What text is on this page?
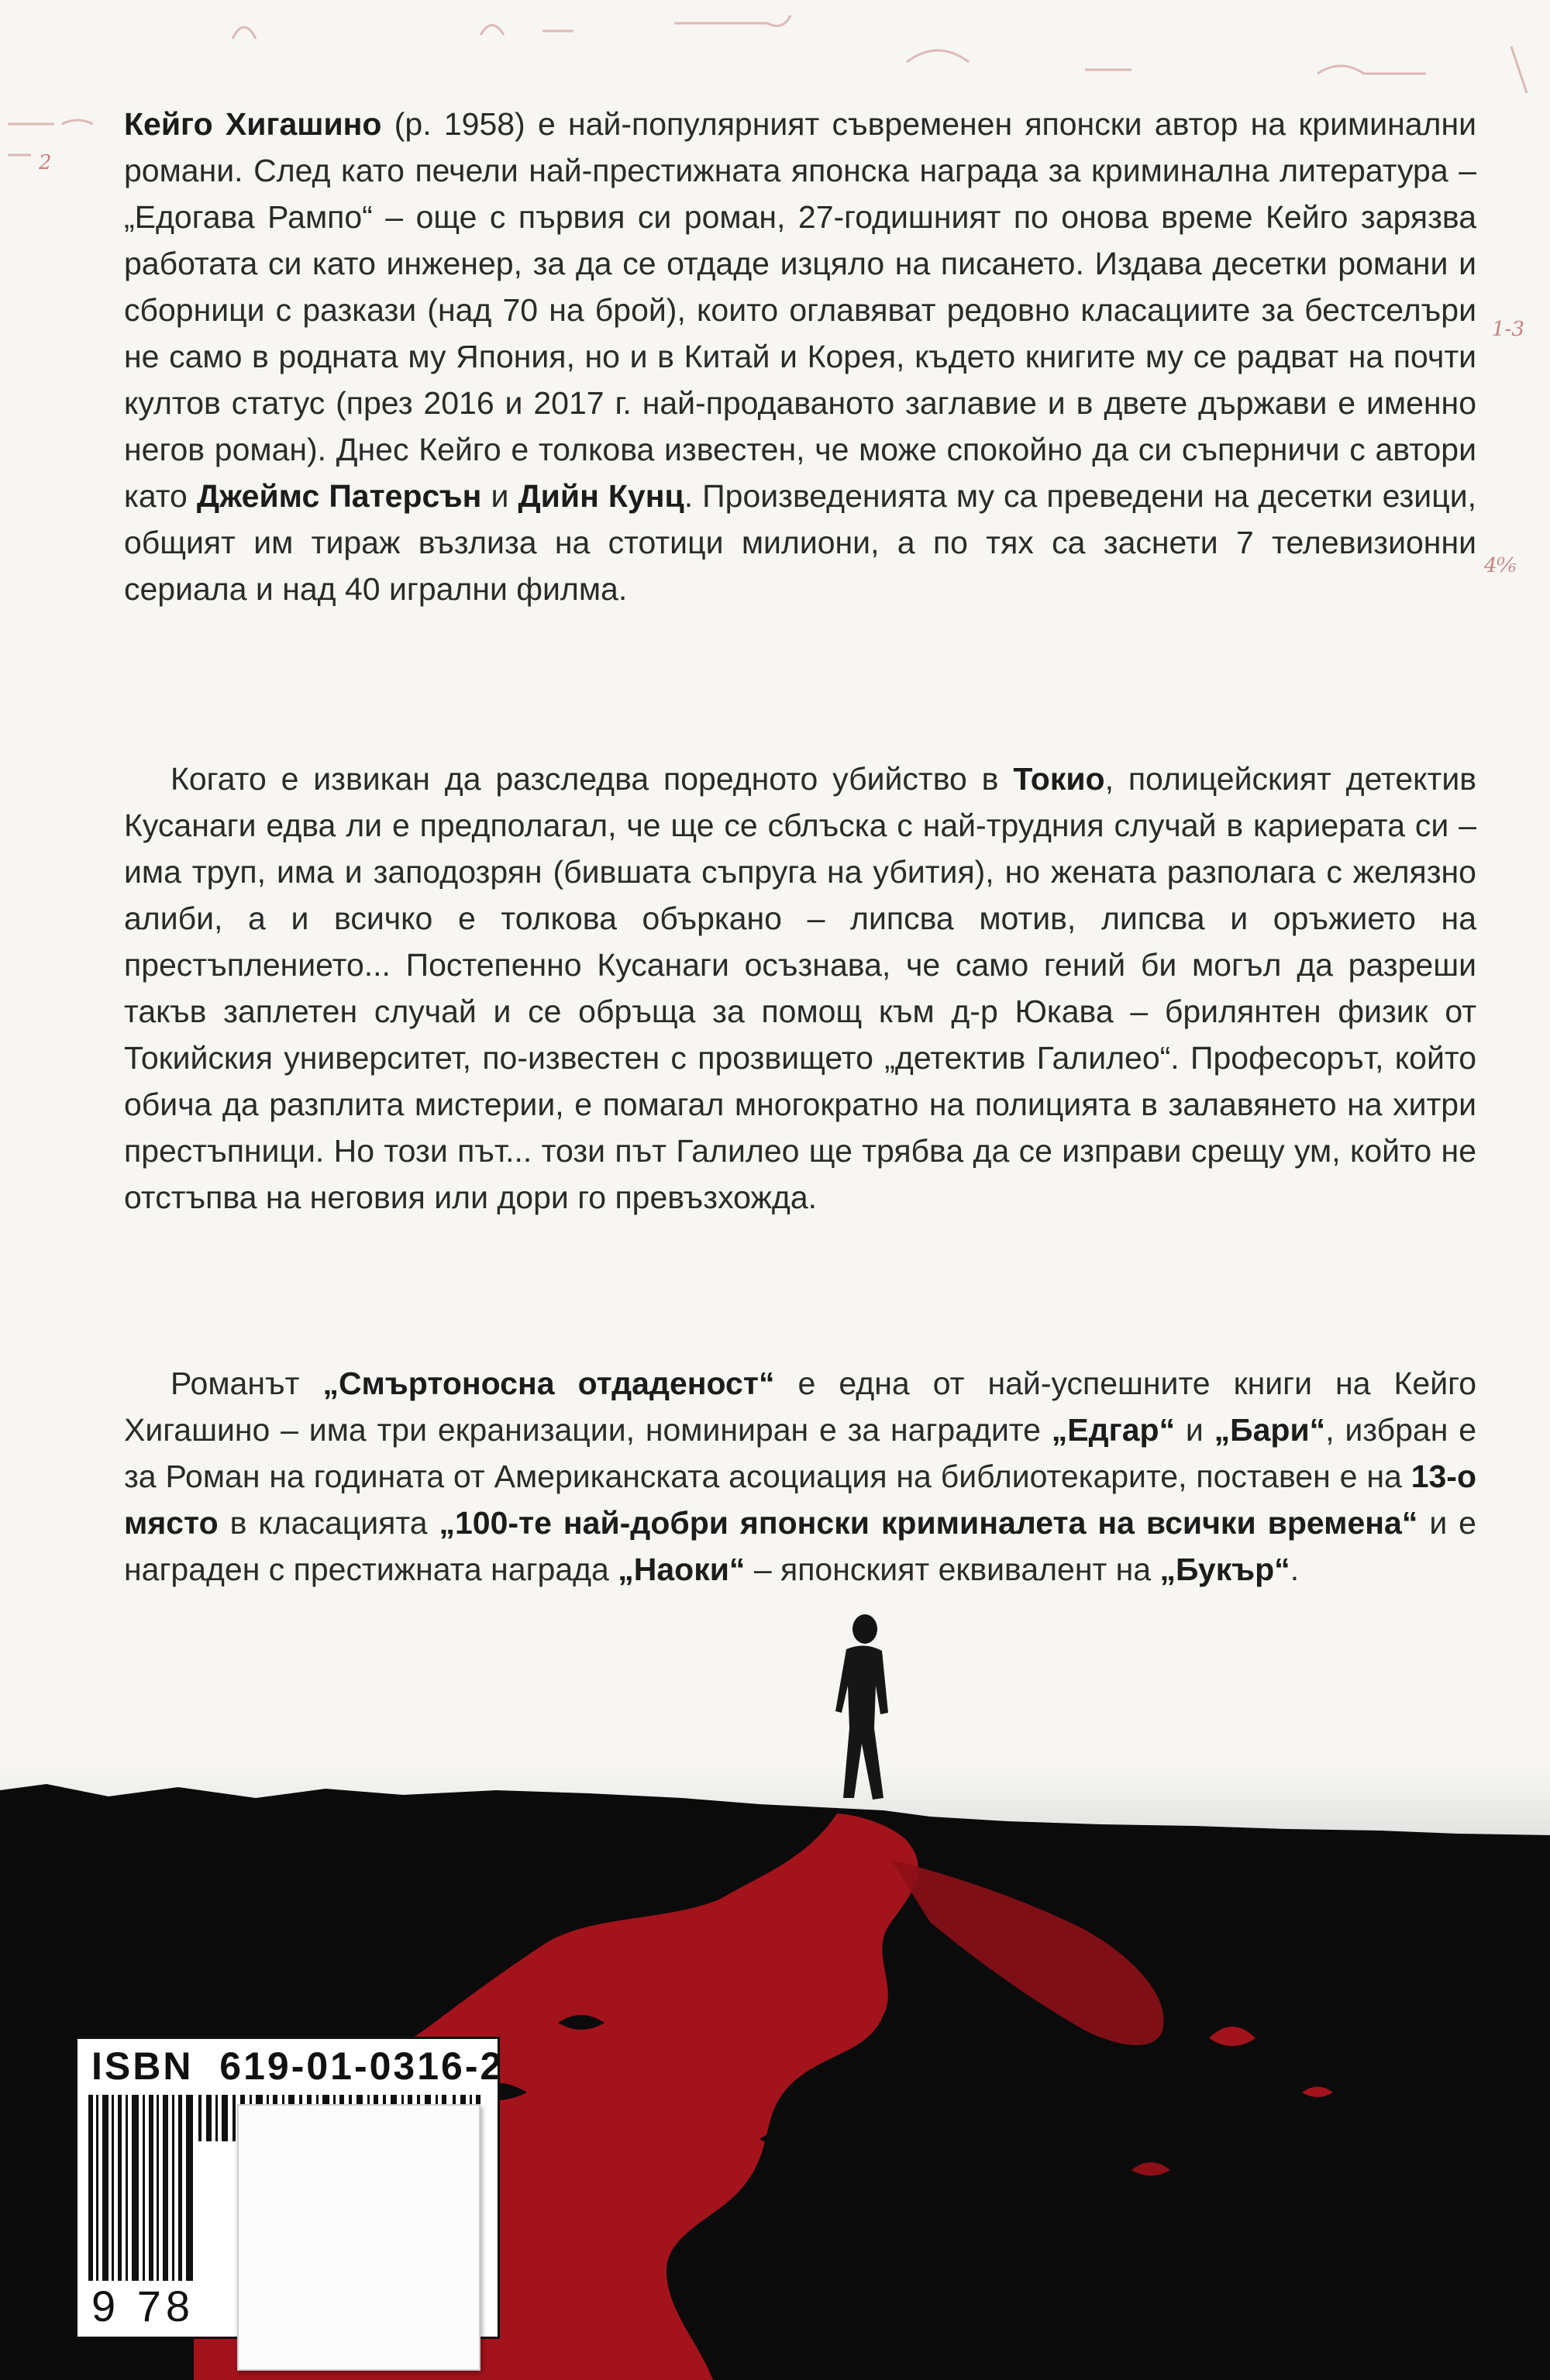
2
1-3
4⁰⁄₆

Кейго Хигашино (р. 1958) е най-популярният съвременен японски автор на криминални романи. След като печели най-престижната японска награда за криминална литература – „Едогава Рампо“ – още с първия си роман, 27-годишният по онова време Кейго зарязва работата си като инженер, за да се отдаде изцяло на писането. Издава десетки романи и сборници с разкази (над 70 на брой), които оглавяват редовно класациите за бестселъри не само в родната му Япония, но и в Китай и Корея, където книгите му се радват на почти култов статус (през 2016 и 2017 г. най-продаваното заглавие и в двете държави е именно негов роман). Днес Кейго е толкова известен, че може спокойно да си съперничи с автори като Джеймс Патерсън и Дийн Кунц. Произведенията му са преведени на десетки езици, общият им тираж възлиза на стотици милиони, а по тях са заснети 7 телевизионни сериала и над 40 игрални филма.

Когато е извикан да разследва поредното убийство в Токио, полицейският детектив Кусанаги едва ли е предполагал, че ще се сблъска с най-трудния случай в кариерата си – има труп, има и заподозрян (бившата съпруга на убития), но жената разполага с желязно алиби, а и всичко е толкова объркано – липсва мотив, липсва и оръжието на престъплението... Постепенно Кусанаги осъзнава, че само гений би могъл да разреши такъв заплетен случай и се обръща за помощ към д-р Юкава – брилянтен физик от Токийския университет, по-известен с прозвището „детектив Галилео“. Професорът, който обича да разплита мистерии, е помагал многократно на полицията в залавянето на хитри престъпници. Но този път... този път Галилео ще трябва да се изправи срещу ум, който не отстъпва на неговия или дори го превъзхожда.

Романът „Смъртоносна отдаденост“ е една от най-успешните книги на Кейго Хигашино – има три екранизации, номиниран е за наградите „Едгар“ и „Бари“, избран е за Роман на годината от Американската асоциация на библиотекарите, поставен е на 13-о място в класацията „100-те най-добри японски криминалета на всички времена“ и е награден с престижната награда „Наоки“ – японският еквивалент на „Букър“.

ISBN 619-01-0316-2
9 78
